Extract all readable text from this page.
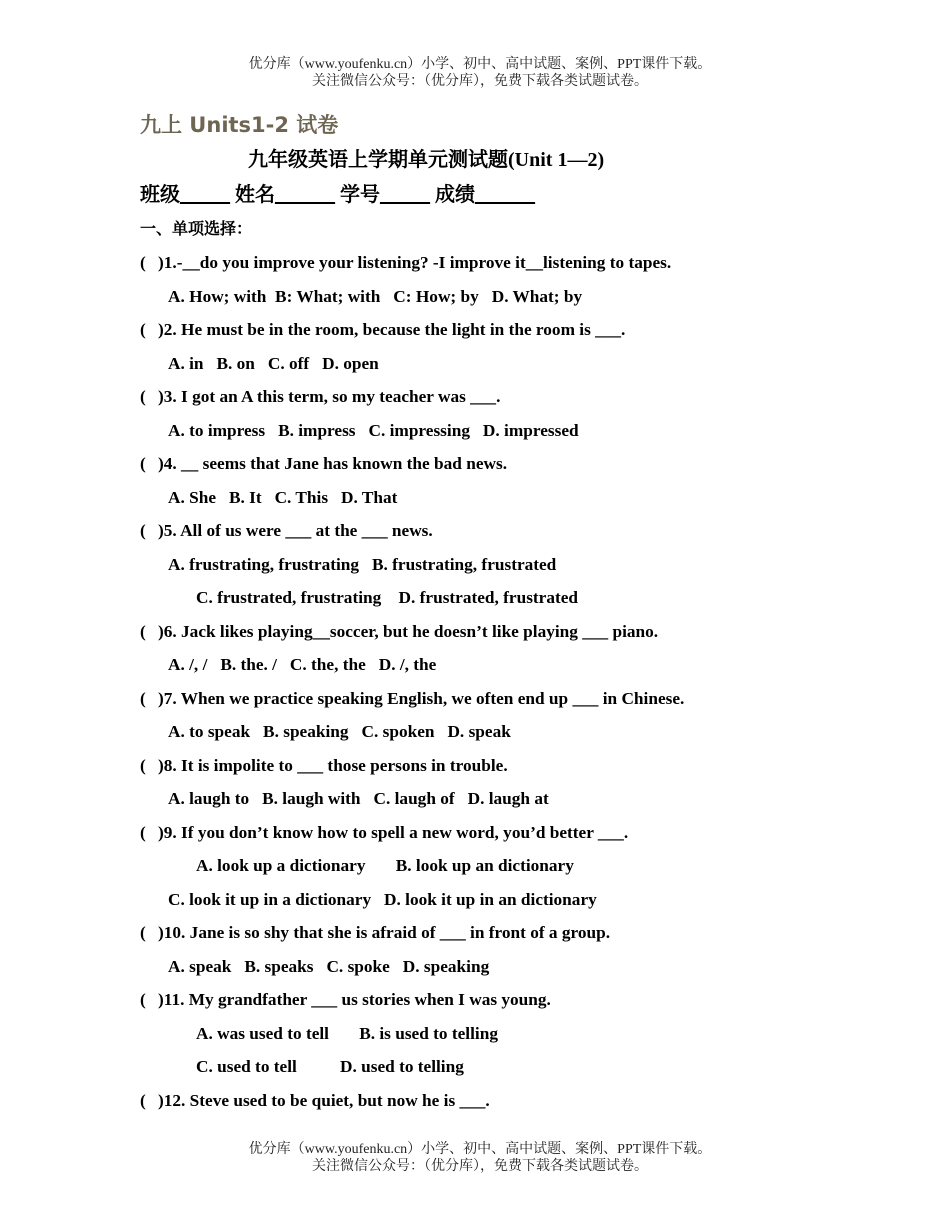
优分库（www.youfenku.cn）小学、初中、高中试题、案例、PPT课件下载。
关注微信公众号：（优分库），免费下载各类试题试卷。
九上 Units1-2 试卷
九年级英语上学期单元测试题(Unit 1—2)
班级_____ 姓名______ 学号_____ 成绩______
一、单项选择：
( )1.-__do you improve your listening? -I improve it__listening to tapes.
A. How; with  B: What; with   C: How; by   D. What; by
( )2. He must be in the room, because the light in the room is ___.
A. in   B. on   C. off   D. open
( )3. I got an A this term, so my teacher was ___.
A. to impress   B. impress   C. impressing   D. impressed
( )4. __ seems that Jane has known the bad news.
A. She   B. It   C. This   D. That
( )5. All of us were ___ at the ___ news.
A. frustrating, frustrating   B. frustrating, frustrated
C. frustrated, frustrating    D. frustrated, frustrated
( )6. Jack likes playing__soccer, but he doesn’t like playing ___ piano.
A. /, /   B. the. /   C. the, the   D. /, the
( )7. When we practice speaking English, we often end up ___ in Chinese.
A. to speak   B. speaking   C. spoken   D. speak
( )8. It is impolite to ___ those persons in trouble.
A. laugh to   B. laugh with   C. laugh of   D. laugh at
( )9. If you don’t know how to spell a new word, you’d better ___.
A. look up a dictionary       B. look up an dictionary
C. look it up in a dictionary   D. look it up in an dictionary
( )10. Jane is so shy that she is afraid of ___ in front of a group.
A. speak   B. speaks   C. spoke   D. speaking
( )11. My grandfather ___ us stories when I was young.
A. was used to tell       B. is used to telling
C. used to tell          D. used to telling
( )12. Steve used to be quiet, but now he is ___.
优分库（www.youfenku.cn）小学、初中、高中试题、案例、PPT课件下载。
关注微信公众号：（优分库），免费下载各类试题试卷。
